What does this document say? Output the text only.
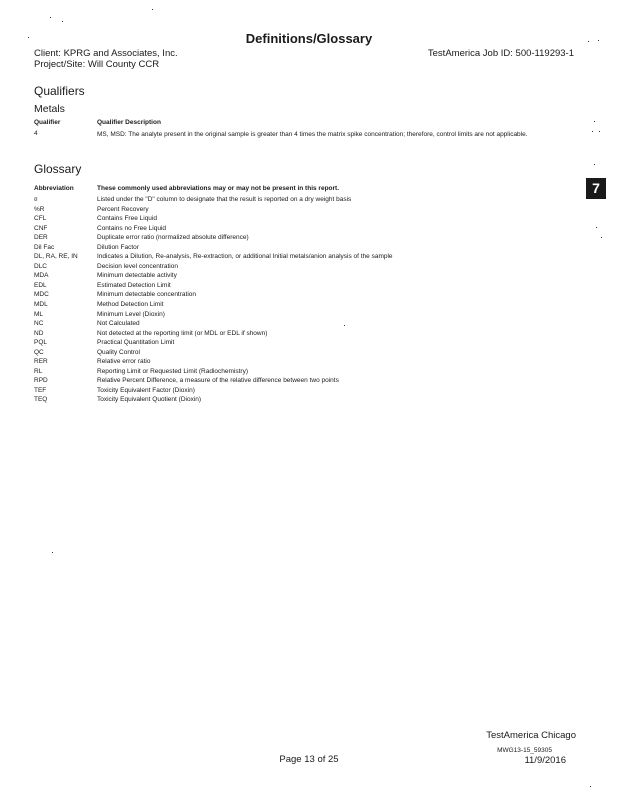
Definitions/Glossary
Client: KPRG and Associates, Inc.
Project/Site: Will County CCR
TestAmerica Job ID: 500-119293-1
Qualifiers
Metals
Qualifier	Qualifier Description
4	MS, MSD: The analyte present in the original sample is greater than 4 times the matrix spike concentration; therefore, control limits are not applicable.
Glossary
Abbreviation	These commonly used abbreviations may or may not be present in this report.
¤	Listed under the "D" column to designate that the result is reported on a dry weight basis
%R	Percent Recovery
CFL	Contains Free Liquid
CNF	Contains no Free Liquid
DER	Duplicate error ratio (normalized absolute difference)
Dil Fac	Dilution Factor
DL, RA, RE, IN	Indicates a Dilution, Re-analysis, Re-extraction, or additional Initial metals/anion analysis of the sample
DLC	Decision level concentration
MDA	Minimum detectable activity
EDL	Estimated Detection Limit
MDC	Minimum detectable concentration
MDL	Method Detection Limit
ML	Minimum Level (Dioxin)
NC	Not Calculated
ND	Not detected at the reporting limit (or MDL or EDL if shown)
PQL	Practical Quantitation Limit
QC	Quality Control
RER	Relative error ratio
RL	Reporting Limit or Requested Limit (Radiochemistry)
RPD	Relative Percent Difference, a measure of the relative difference between two points
TEF	Toxicity Equivalent Factor (Dioxin)
TEQ	Toxicity Equivalent Quotient (Dioxin)
7
TestAmerica Chicago
MWG13-15_59305
Page 13 of 25	11/9/2016
